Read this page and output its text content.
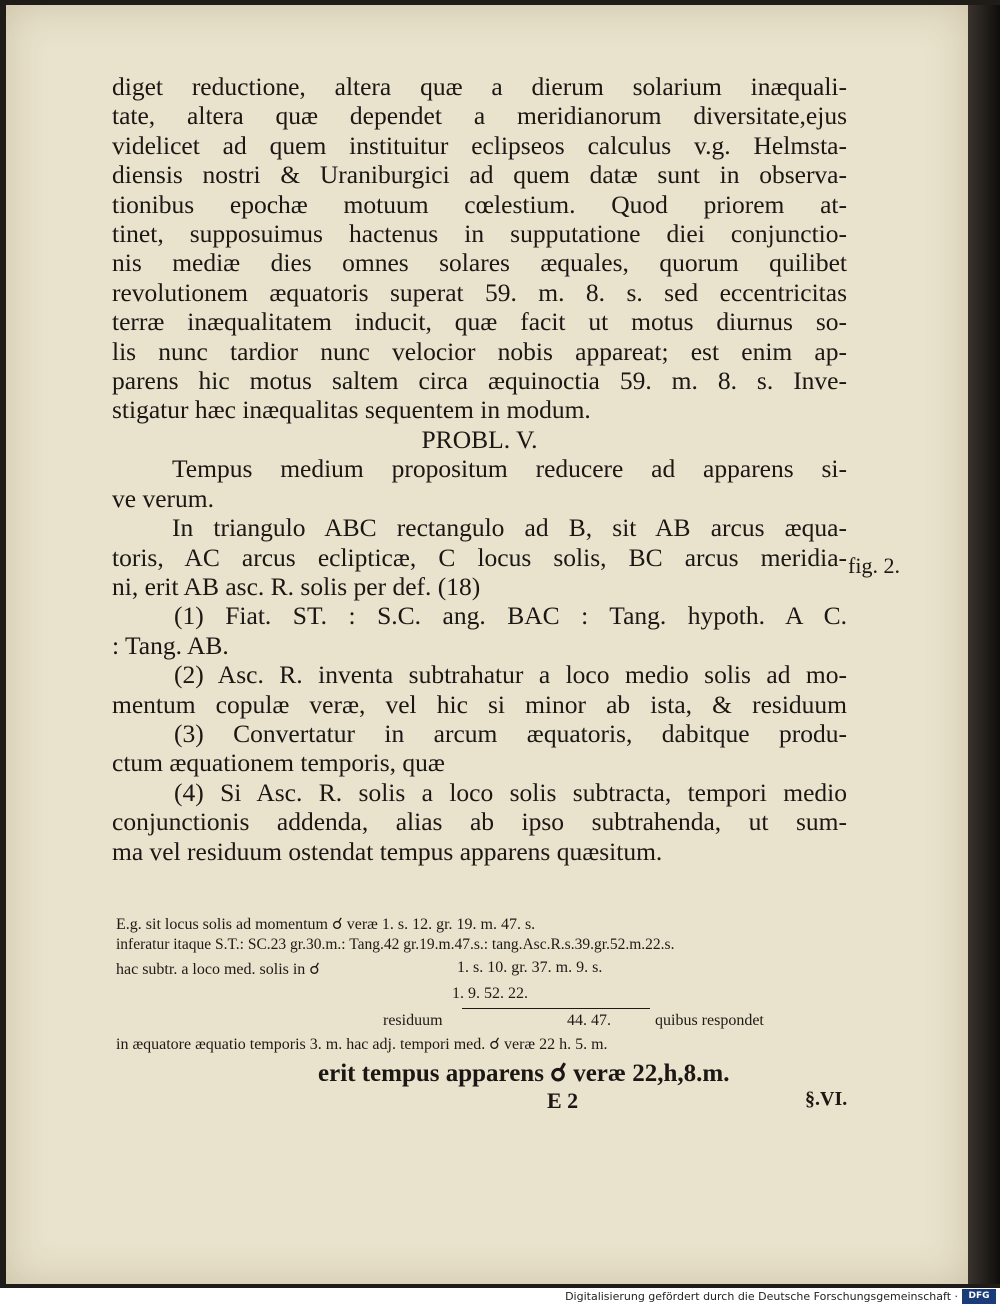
diget reductione, altera quæ a dierum solarium inæquali-
tate, altera quæ dependet a meridianorum diversitate,ejus
videlicet ad quem instituitur eclipseos calculus v.g. Helmsta-
diensis nostri & Uraniburgici ad quem datæ sunt in observa-
tionibus epochæ motuum cœlestium. Quod priorem at-
tinet, supposuimus hactenus in supputatione diei conjunctio-
nis mediæ dies omnes solares æquales, quorum quilibet
revolutionem æquatoris superat 59. m. 8. s. sed eccentricitas
terræ inæqualitatem inducit, quæ facit ut motus diurnus so-
lis nunc tardior nunc velocior nobis appareat; est enim ap-
parens hic motus saltem circa æquinoctia 59. m. 8. s. Inve-
stigatur hæc inæqualitas sequentem in modum.
PROBL. V.
Tempus medium propositum reducere ad apparens si-
ve verum.
In triangulo ABC rectangulo ad B, sit AB arcus æqua-
toris, AC arcus eclipticæ, C locus solis, BC arcus meridia-
ni, erit AB asc. R. solis per def. (18)
(1) Fiat. ST. : S.C. ang. BAC : Tang. hypoth. A C.
: Tang. AB.
(2) Asc. R. inventa subtrahatur a loco medio solis ad mo-
mentum copulæ veræ, vel hic si minor ab ista, & residuum
(3) Convertatur in arcum æquatoris, dabitque produ-
ctum æquationem temporis, quæ
(4) Si Asc. R. solis a loco solis subtracta, tempori medio
conjunctionis addenda, alias ab ipso subtrahenda, ut sum-
ma vel residuum ostendat tempus apparens quæsitum.
fig. 2.
E.g. sit locus solis ad momentum ☌ veræ 1. s. 12. gr. 19. m. 47. s.
inferatur itaque S.T.: SC.23 gr.30.m.: Tang.42 gr.19.m.47.s.: tang.Asc.R.s.39.gr.52.m.22.s.
hac subtr. a loco med. solis in ☌	1. s. 10. gr. 37. m. 9. s.
1. 9. 52. 22.
residuum	44. 47.	quibus respondet
in æquatore æquatio temporis 3. m. hac adj. tempori med. ☌ veræ 22 h. 5. m.
erit tempus apparens ☌ veræ 22,h,8.m.
E 2	§.VI.
Digitalisierung gefördert durch die Deutsche Forschungsgemeinschaft ·	DFG
